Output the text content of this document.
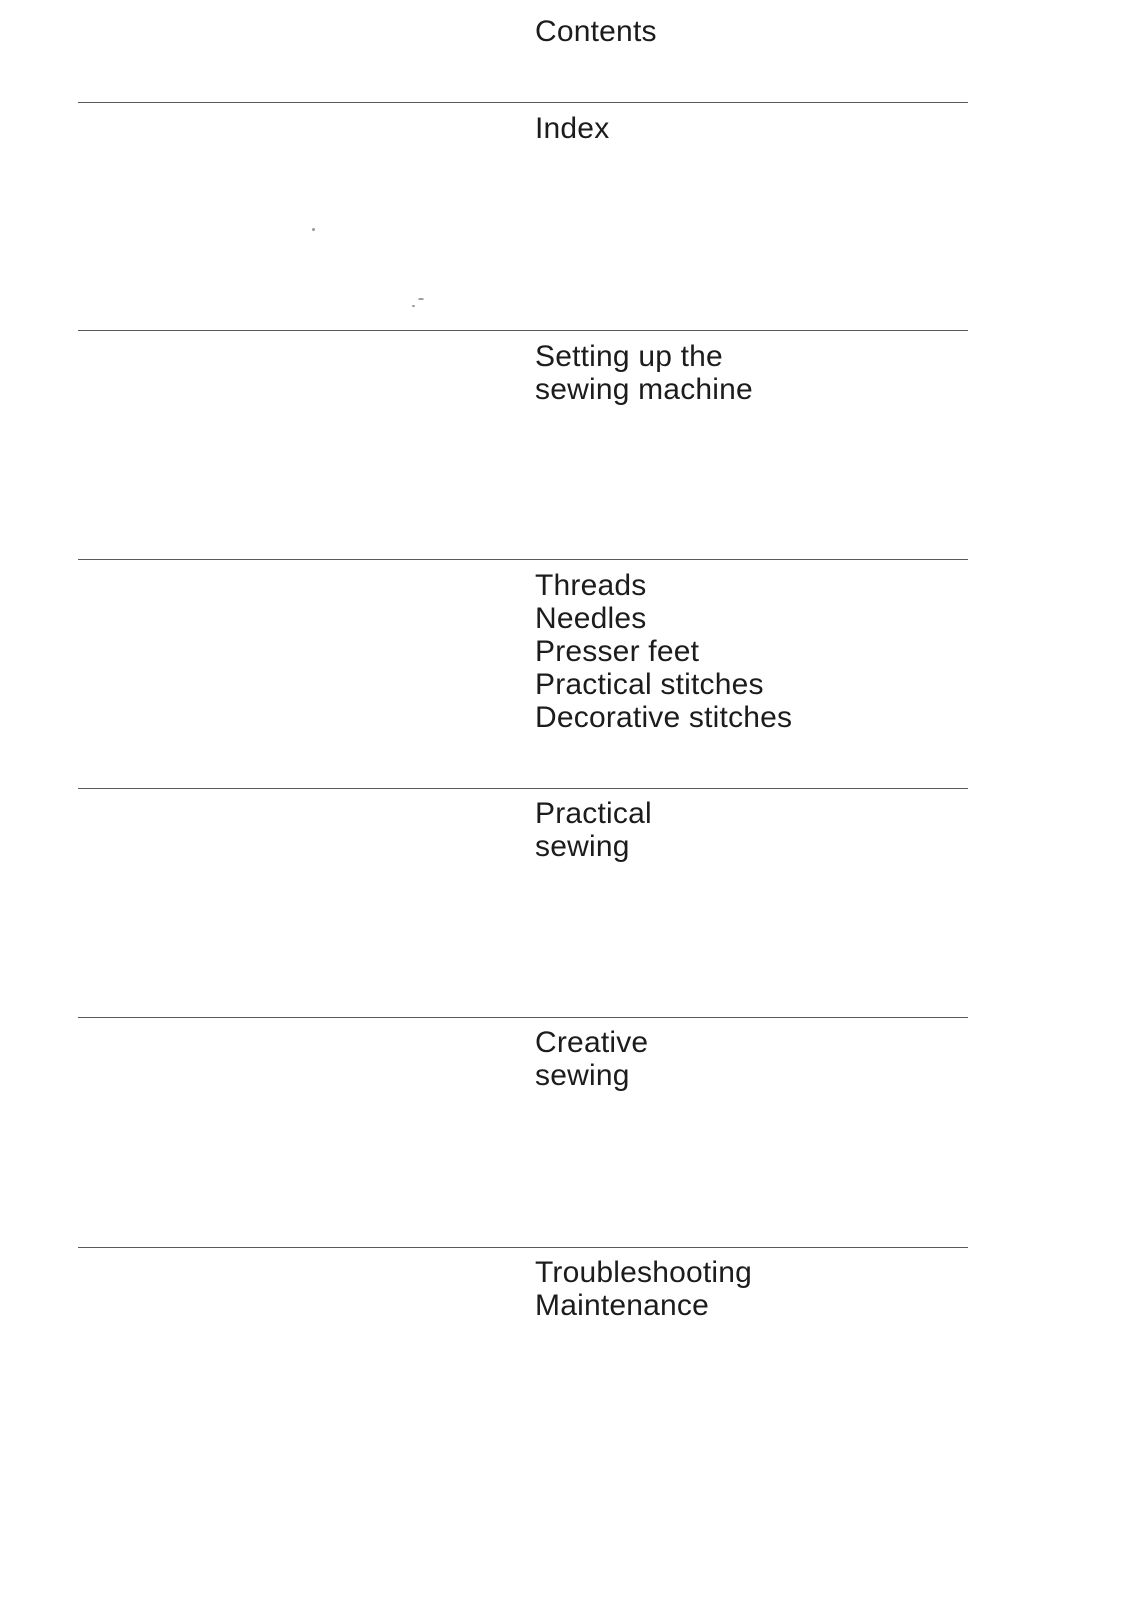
Contents
Index
Setting up the
sewing machine
Threads
Needles
Presser feet
Practical stitches
Decorative stitches
Practical
sewing
Creative
sewing
Troubleshooting
Maintenance
